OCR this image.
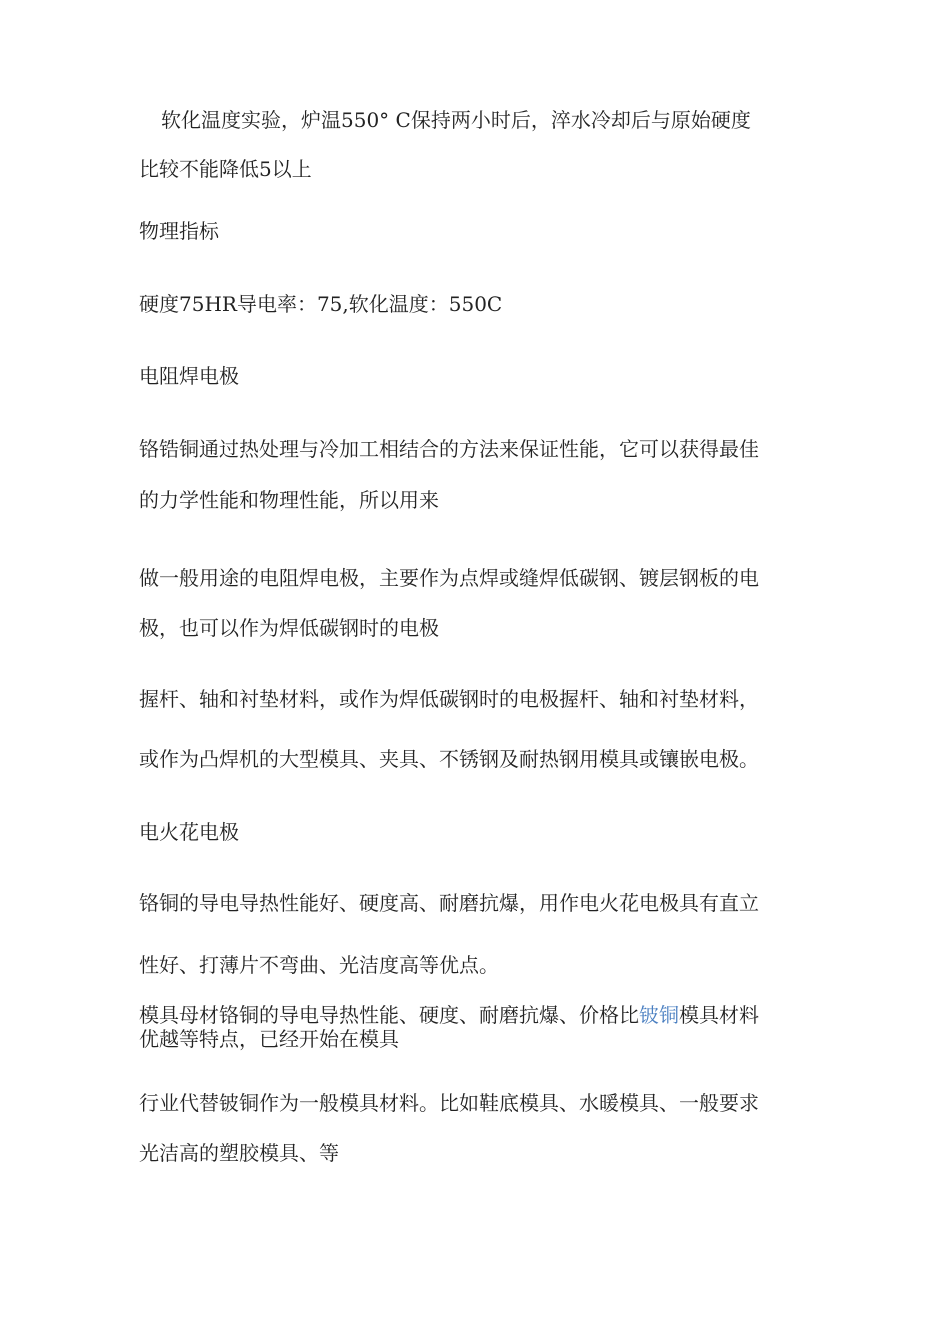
软化温度实验，炉温550° C保持两小时后，淬水冷却后与原始硬度

比较不能降低5以上

物理指标

硬度75HR导电率：75,软化温度：550C

电阻焊电极

铬锆铜通过热处理与冷加工相结合的方法来保证性能，它可以获得最佳

的力学性能和物理性能，所以用来

做一般用途的电阻焊电极，主要作为点焊或缝焊低碳钢、镀层钢板的电

极，也可以作为焊低碳钢时的电极

握杆、轴和衬垫材料，或作为焊低碳钢时的电极握杆、轴和衬垫材料，

或作为凸焊机的大型模具、夹具、不锈钢及耐热钢用模具或镶嵌电极。

电火花电极

铬铜的导电导热性能好、硬度高、耐磨抗爆，用作电火花电极具有直立

性好、打薄片不弯曲、光洁度高等优点。

模具母材铬铜的导电导热性能、硬度、耐磨抗爆、价格比铍铜模具材料

优越等特点，已经开始在模具

行业代替铍铜作为一般模具材料。比如鞋底模具、水暖模具、一般要求

光洁高的塑胶模具、等
